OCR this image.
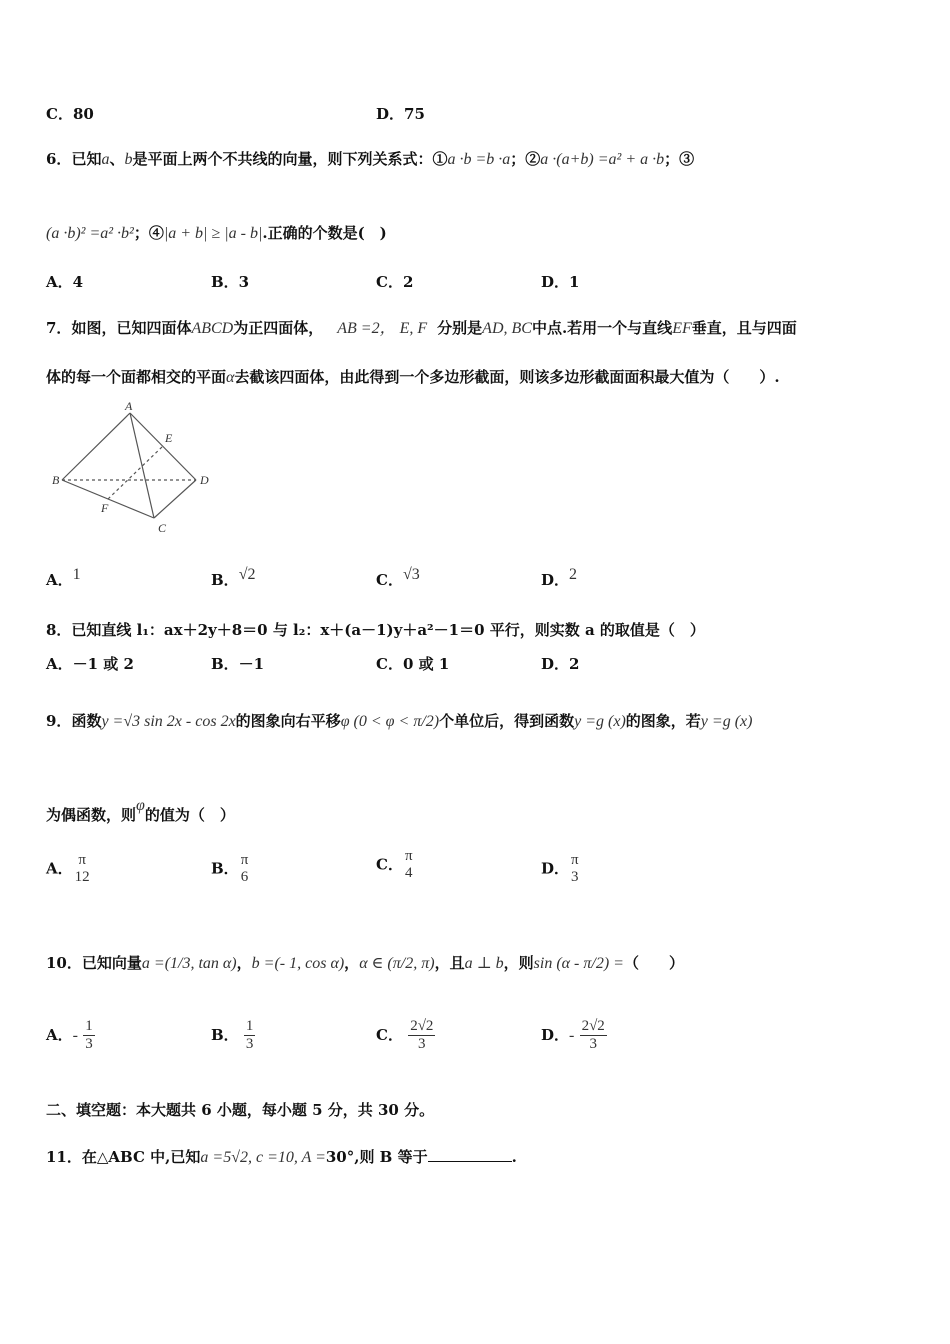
C．80	D．75
6．已知a、b是平面上两个不共线的向量，则下列关系式：①a ·b =b ·a；②a ·(a+b) =a² + a ·b；③
(a ·b)² =a² ·b²；④|a + b| ≥ |a - b|.正确的个数是(　)
A．4	B．3	C．2	D．1
7．如图，已知四面体ABCD为正四面体， AB =2， E, F 分别是AD, BC中点.若用一个与直线EF垂直，且与四面
体的每一个面都相交的平面α去截该四面体，由此得到一个多边形截面，则该多边形截面面积最大值为（　　）.
A
E
B	D
F
C
A．1	B．√2	C．√3	D．2
8．已知直线 l₁：ax＋2y＋8＝0 与 l₂：x＋(a－1)y＋a²－1＝0 平行，则实数 a 的取值是（　）
A．－1 或 2	B．－1	C．0 或 1	D．2
9．函数y =√3 sin 2x - cos 2x的图象向右平移φ (0 < φ < π/2)个单位后，得到函数y =g (x)的图象，若y =g (x)
为偶函数，则φ的值为（　）
A． π
12	B． π
6
C． π
4	D． π
3
10．已知向量a =(1/3, tan α)，b =(- 1, cos α)，α ∈ (π/2, π)，且a ⊥ b，则sin (α - π/2) =（　　）
A．- $\frac{1}{3}$	B． $\frac{1}{3}$	C． $\frac{2√2}{3}$	D．- $\frac{2√2}{3}$
二、填空题：本大题共 6 小题，每小题 5 分，共 30 分。
11．在△ABC 中,已知a =5√2, c =10, A =30°,则 B 等于	.
